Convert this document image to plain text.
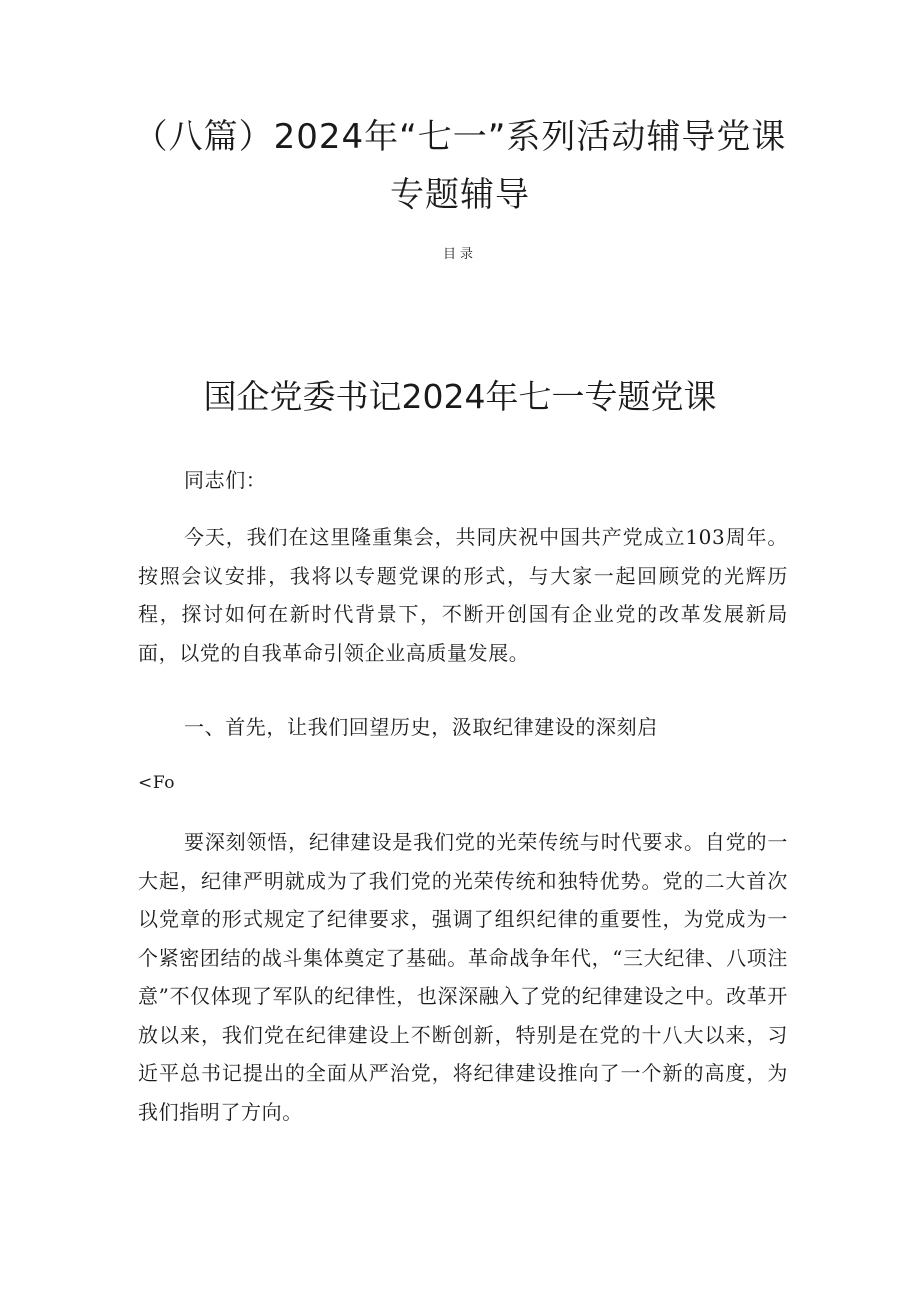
（八篇）2024年“七一”系列活动辅导党课专题辅导

目录

国企党委书记2024年七一专题党课

同志们：

今天，我们在这里隆重集会，共同庆祝中国共产党成立103周年。按照会议安排，我将以专题党课的形式，与大家一起回顾党的光辉历程，探讨如何在新时代背景下，不断开创国有企业党的改革发展新局面，以党的自我革命引领企业高质量发展。

一、首先，让我们回望历史，汲取纪律建设的深刻启

<Fo

要深刻领悟，纪律建设是我们党的光荣传统与时代要求。自党的一大起，纪律严明就成为了我们党的光荣传统和独特优势。党的二大首次以党章的形式规定了纪律要求，强调了组织纪律的重要性，为党成为一个紧密团结的战斗集体奠定了基础。革命战争年代，“三大纪律、八项注意”不仅体现了军队的纪律性，也深深融入了党的纪律建设之中。改革开放以来，我们党在纪律建设上不断创新，特别是在党的十八大以来，习近平总书记提出的全面从严治党，将纪律建设推向了一个新的高度，为我们指明了方向。
